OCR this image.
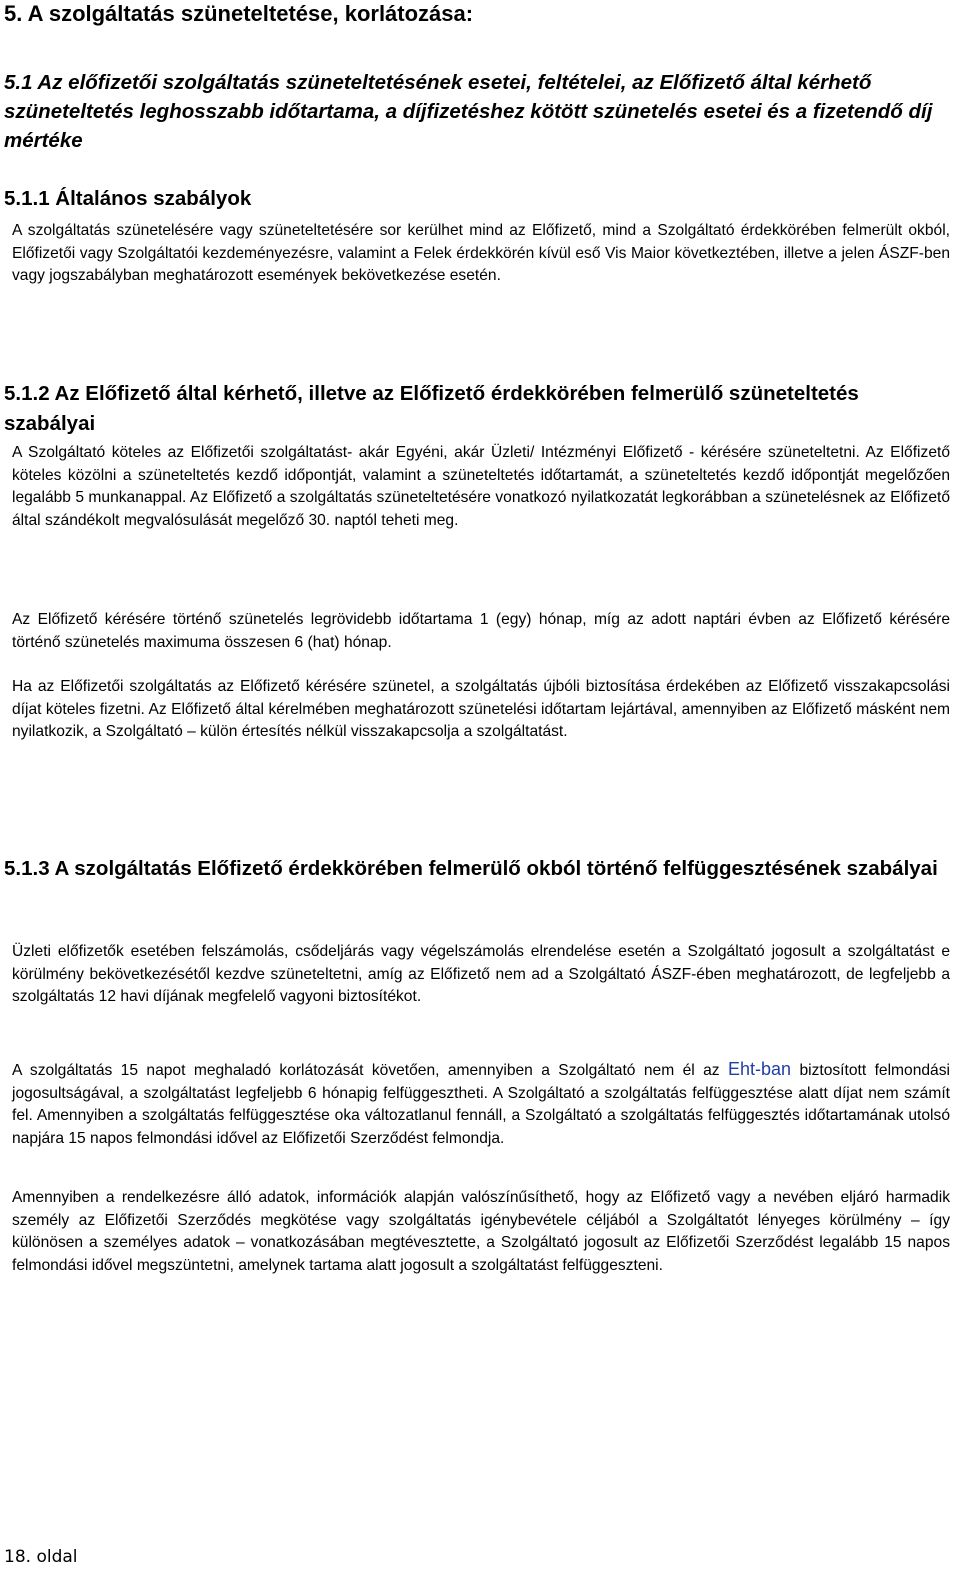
5. A szolgáltatás szüneteltetése, korlátozása:
5.1 Az előfizetői szolgáltatás szüneteltetésének esetei, feltételei, az Előfizető által kérhető szüneteltetés leghosszabb időtartama, a díjfizetéshez kötött szünetelés esetei és a fizetendő díj mértéke
5.1.1 Általános szabályok

A szolgáltatás szünetelésére vagy szüneteltetésére sor kerülhet mind az Előfizető, mind a Szolgáltató érdekkörében felmerült okból, Előfizetői vagy Szolgáltatói kezdeményezésre, valamint a Felek érdekkörén kívül eső Vis Maior következtében, illetve a jelen ÁSZF-ben vagy jogszabályban meghatározott események bekövetkezése esetén.

5.1.2 Az Előfizető által kérhető, illetve az Előfizető érdekkörében felmerülő szüneteltetés szabályai

A Szolgáltató köteles az Előfizetői szolgáltatást- akár Egyéni, akár Üzleti/ Intézményi Előfizető - kérésére szüneteltetni. Az Előfizető köteles közölni a szüneteltetés kezdő időpontját, valamint a szüneteltetés időtartamát, a szüneteltetés kezdő időpontját megelőzően legalább 5 munkanappal. Az Előfizető a szolgáltatás szüneteltetésére vonatkozó nyilatkozatát legkorábban a szünetelésnek az Előfizető által szándékolt megvalósulását megelőző 30. naptól teheti meg.

Az Előfizető kérésére történő szünetelés legrövidebb időtartama 1 (egy) hónap, míg az adott naptári évben az Előfizető kérésére történő szünetelés maximuma összesen 6 (hat) hónap.

Ha az Előfizetői szolgáltatás az Előfizető kérésére szünetel, a szolgáltatás újbóli biztosítása érdekében az Előfizető visszakapcsolási díjat köteles fizetni. Az Előfizető által kérelmében meghatározott szünetelési időtartam lejártával, amennyiben az Előfizető másként nem nyilatkozik, a Szolgáltató – külön értesítés nélkül visszakapcsolja a szolgáltatást.

5.1.3 A szolgáltatás Előfizető érdekkörében felmerülő okból történő felfüggesztésének szabályai

Üzleti előfizetők esetében felszámolás, csődeljárás vagy végelszámolás elrendelése esetén a Szolgáltató jogosult a szolgáltatást e körülmény bekövetkezésétől kezdve szüneteltetni, amíg az Előfizető nem ad a Szolgáltató ÁSZF-ében meghatározott, de legfeljebb a szolgáltatás 12 havi díjának megfelelő vagyoni biztosítékot.

A szolgáltatás 15 napot meghaladó korlátozását követően, amennyiben a Szolgáltató nem él az Eht-ban biztosított felmondási jogosultságával, a szolgáltatást legfeljebb 6 hónapig felfüggesztheti. A Szolgáltató a szolgáltatás felfüggesztése alatt díjat nem számít fel. Amennyiben a szolgáltatás felfüggesztése oka változatlanul fennáll, a Szolgáltató a szolgáltatás felfüggesztés időtartamának utolsó napjára 15 napos felmondási idővel az Előfizetői Szerződést felmondja.

Amennyiben a rendelkezésre álló adatok, információk alapján valószínűsíthető, hogy az Előfizető vagy a nevében eljáró harmadik személy az Előfizetői Szerződés megkötése vagy szolgáltatás igénybevétele céljából a Szolgáltatót lényeges körülmény – így különösen a személyes adatok – vonatkozásában megtévesztette, a Szolgáltató jogosult az Előfizetői Szerződést legalább 15 napos felmondási idővel megszüntetni, amelynek tartama alatt jogosult a szolgáltatást felfüggeszteni.

18. oldal
